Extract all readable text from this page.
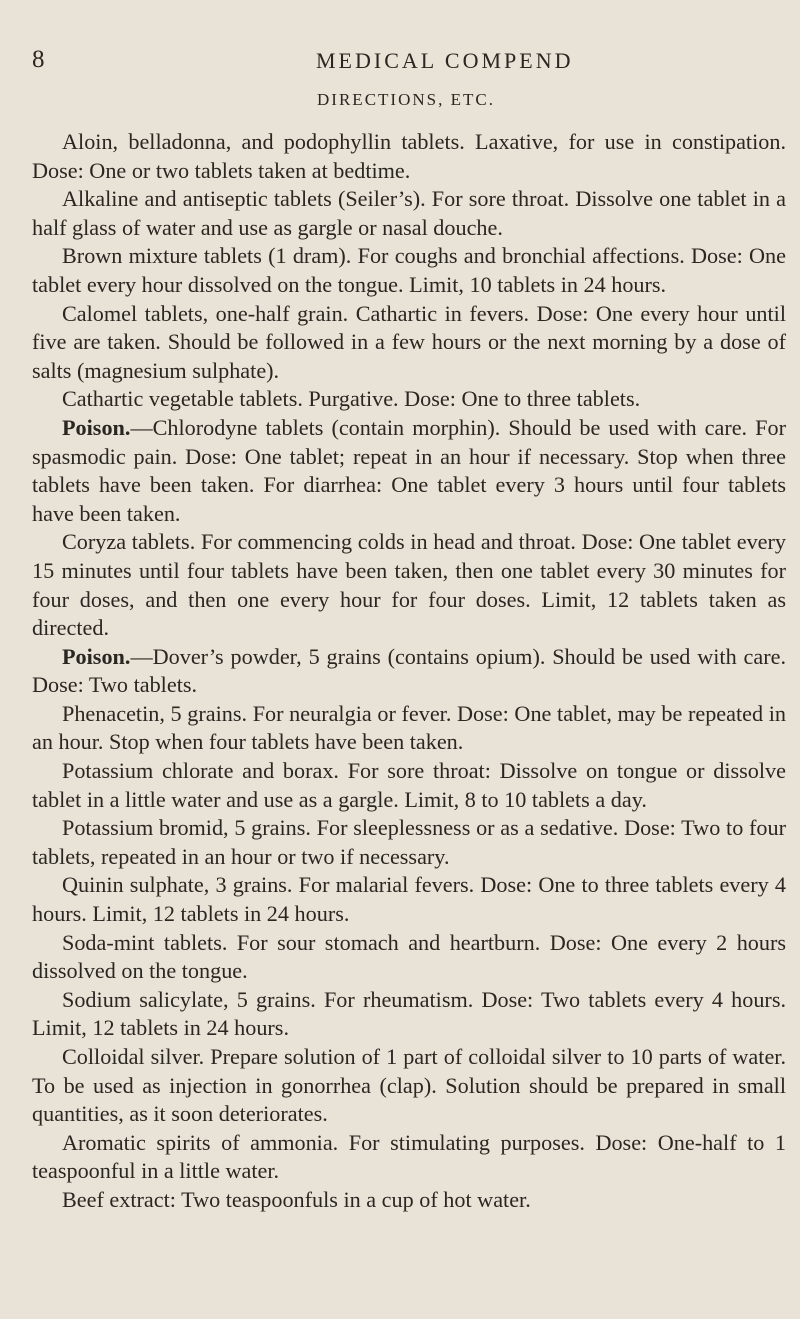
8	MEDICAL COMPEND
DIRECTIONS, ETC.

Aloin, belladonna, and podophyllin tablets. Laxative, for use in constipation. Dose: One or two tablets taken at bedtime.

Alkaline and antiseptic tablets (Seiler’s). For sore throat. Dissolve one tablet in a half glass of water and use as gargle or nasal douche.

Brown mixture tablets (1 dram). For coughs and bronchial affections. Dose: One tablet every hour dissolved on the tongue. Limit, 10 tablets in 24 hours.

Calomel tablets, one-half grain. Cathartic in fevers. Dose: One every hour until five are taken. Should be followed in a few hours or the next morning by a dose of salts (magnesium sulphate).

Cathartic vegetable tablets. Purgative. Dose: One to three tablets.

Poison.—Chlorodyne tablets (contain morphin). Should be used with care. For spasmodic pain. Dose: One tablet; repeat in an hour if necessary. Stop when three tablets have been taken. For diarrhea: One tablet every 3 hours until four tablets have been taken.

Coryza tablets. For commencing colds in head and throat. Dose: One tablet every 15 minutes until four tablets have been taken, then one tablet every 30 minutes for four doses, and then one every hour for four doses. Limit, 12 tablets taken as directed.

Poison.—Dover’s powder, 5 grains (contains opium). Should be used with care. Dose: Two tablets.

Phenacetin, 5 grains. For neuralgia or fever. Dose: One tablet, may be repeated in an hour. Stop when four tablets have been taken.

Potassium chlorate and borax. For sore throat: Dissolve on tongue or dissolve tablet in a little water and use as a gargle. Limit, 8 to 10 tablets a day.

Potassium bromid, 5 grains. For sleeplessness or as a sedative. Dose: Two to four tablets, repeated in an hour or two if necessary.

Quinin sulphate, 3 grains. For malarial fevers. Dose: One to three tablets every 4 hours. Limit, 12 tablets in 24 hours.

Soda-mint tablets. For sour stomach and heartburn. Dose: One every 2 hours dissolved on the tongue.

Sodium salicylate, 5 grains. For rheumatism. Dose: Two tablets every 4 hours. Limit, 12 tablets in 24 hours.

Colloidal silver. Prepare solution of 1 part of colloidal silver to 10 parts of water. To be used as injection in gonorrhea (clap). Solution should be prepared in small quantities, as it soon deteriorates.

Aromatic spirits of ammonia. For stimulating purposes. Dose: One-half to 1 teaspoonful in a little water.

Beef extract: Two teaspoonfuls in a cup of hot water.
